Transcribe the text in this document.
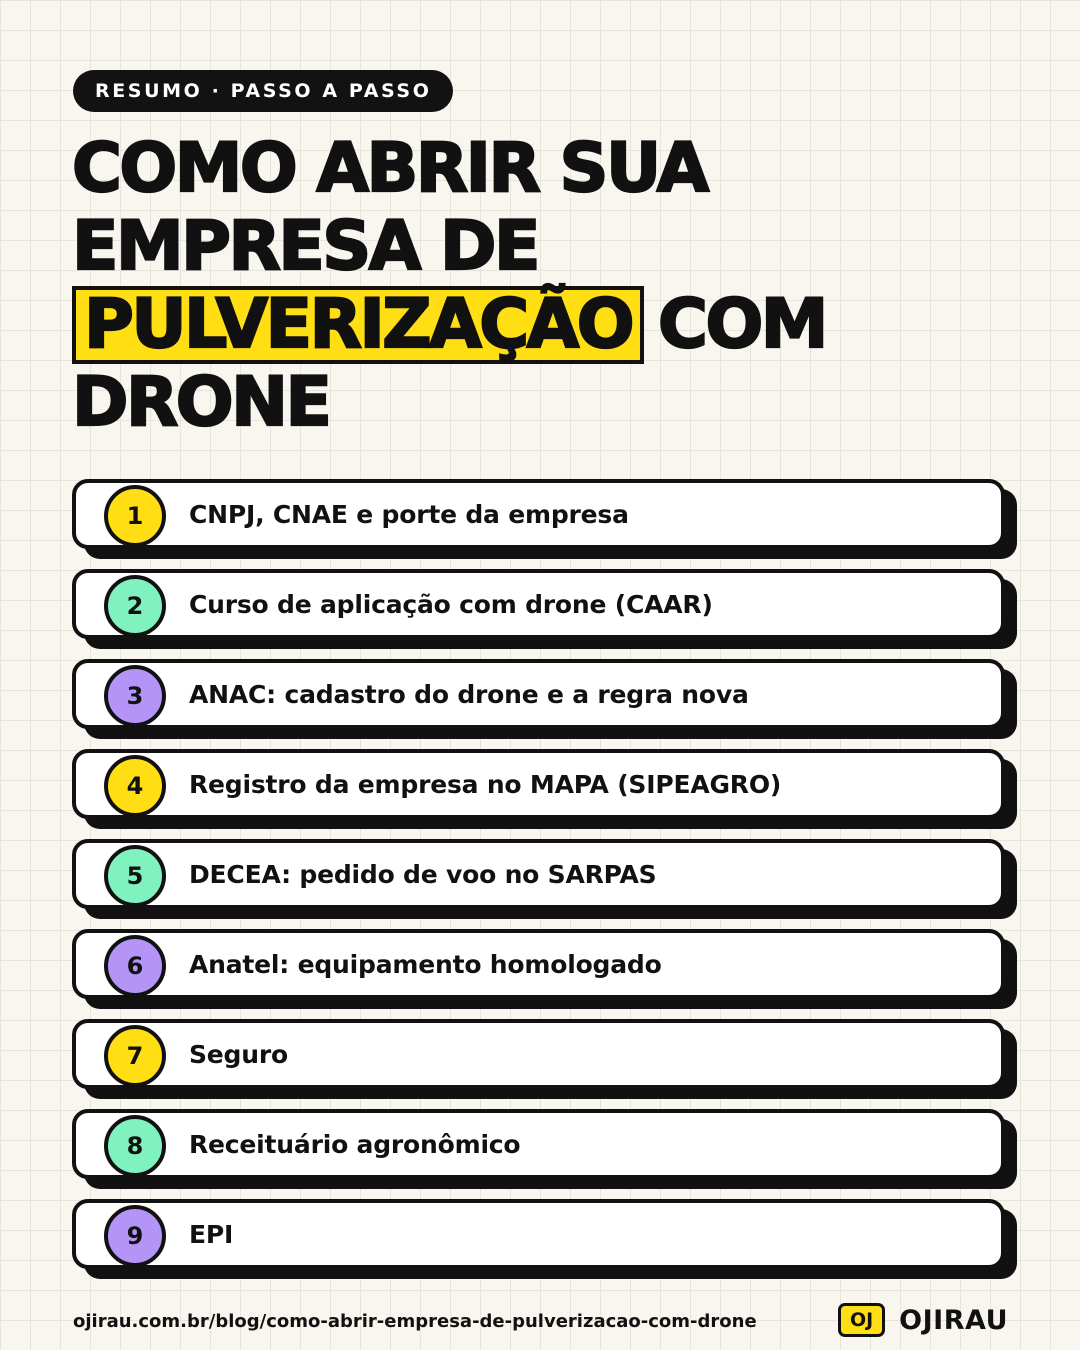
RESUMO · PASSO A PASSO
COMO ABRIR SUA
EMPRESA DE
PULVERIZAÇÃO COM
DRONE
1	CNPJ, CNAE e porte da empresa
2	Curso de aplicação com drone (CAAR)
3	ANAC: cadastro do drone e a regra nova
4	Registro da empresa no MAPA (SIPEAGRO)
5	DECEA: pedido de voo no SARPAS
6	Anatel: equipamento homologado
7	Seguro
8	Receituário agronômico
9	EPI
ojirau.com.br/blog/como-abrir-empresa-de-pulverizacao-com-drone	OJ OJIRAU
